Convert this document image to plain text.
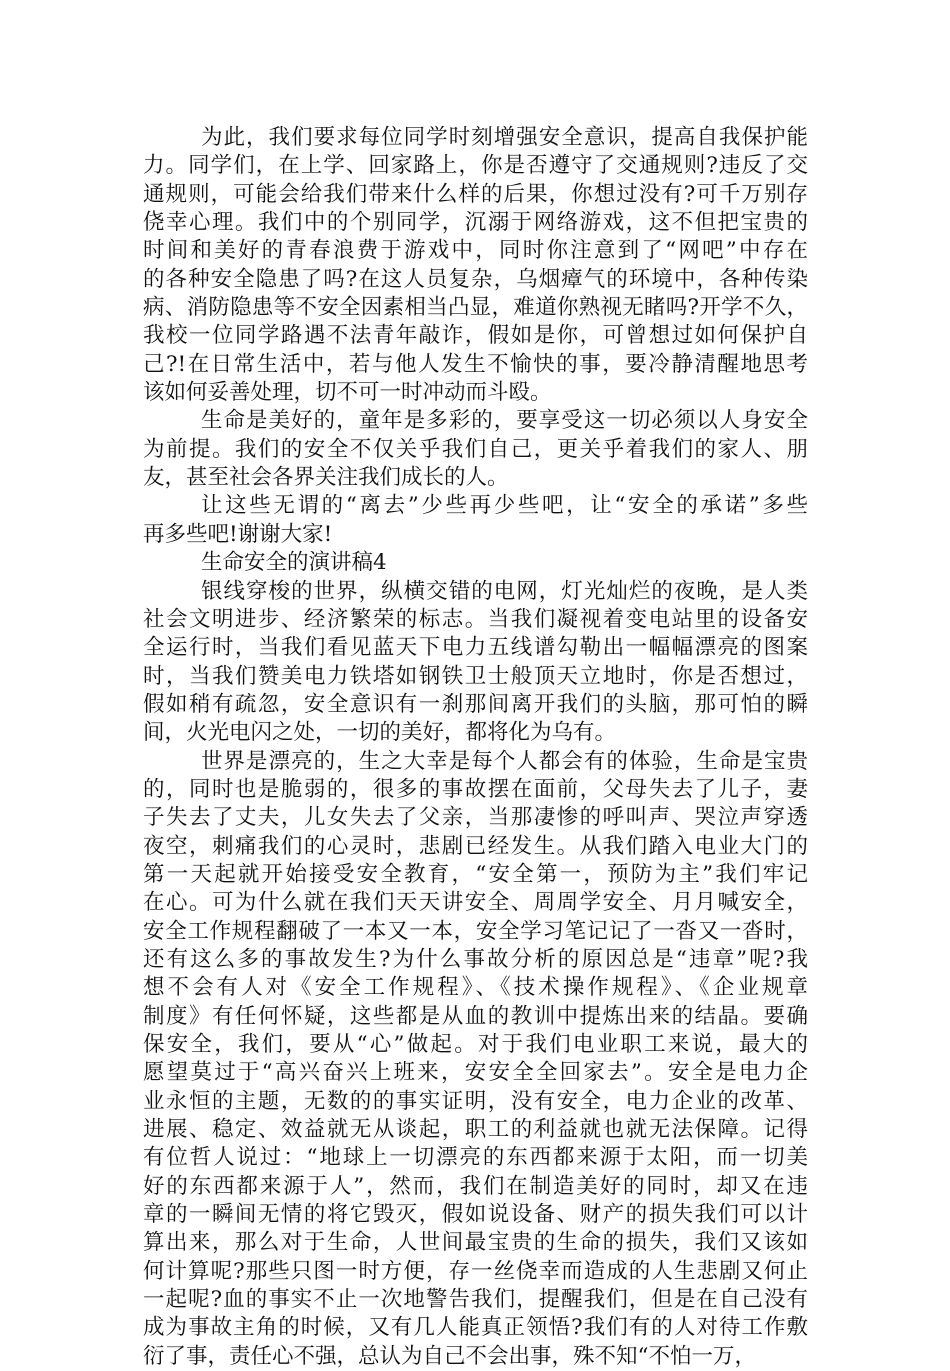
为此，我们要求每位同学时刻增强安全意识，提高自我保护能
力。同学们，在上学、回家路上，你是否遵守了交通规则?违反了交
通规则，可能会给我们带来什么样的后果，你想过没有?可千万别存
侥幸心理。我们中的个别同学，沉溺于网络游戏，这不但把宝贵的
时间和美好的青春浪费于游戏中，同时你注意到了“网吧”中存在
的各种安全隐患了吗?在这人员复杂，乌烟瘴气的环境中，各种传染
病、消防隐患等不安全因素相当凸显，难道你熟视无睹吗?开学不久，
我校一位同学路遇不法青年敲诈，假如是你，可曾想过如何保护自
己?!在日常生活中，若与他人发生不愉快的事，要冷静清醒地思考
该如何妥善处理，切不可一时冲动而斗殴。
生命是美好的，童年是多彩的，要享受这一切必须以人身安全
为前提。我们的安全不仅关乎我们自己，更关乎着我们的家人、朋
友，甚至社会各界关注我们成长的人。
让这些无谓的“离去”少些再少些吧，让“安全的承诺”多些
再多些吧!谢谢大家!
生命安全的演讲稿4
银线穿梭的世界，纵横交错的电网，灯光灿烂的夜晚，是人类
社会文明进步、经济繁荣的标志。当我们凝视着变电站里的设备安
全运行时，当我们看见蓝天下电力五线谱勾勒出一幅幅漂亮的图案
时，当我们赞美电力铁塔如钢铁卫士般顶天立地时，你是否想过，
假如稍有疏忽，安全意识有一刹那间离开我们的头脑，那可怕的瞬
间，火光电闪之处，一切的美好，都将化为乌有。
世界是漂亮的，生之大幸是每个人都会有的体验，生命是宝贵
的，同时也是脆弱的，很多的事故摆在面前，父母失去了儿子，妻
子失去了丈夫，儿女失去了父亲，当那凄惨的呼叫声、哭泣声穿透
夜空，刺痛我们的心灵时，悲剧已经发生。从我们踏入电业大门的
第一天起就开始接受安全教育，“安全第一，预防为主”我们牢记
在心。可为什么就在我们天天讲安全、周周学安全、月月喊安全，
安全工作规程翻破了一本又一本，安全学习笔记记了一沓又一沓时，
还有这么多的事故发生?为什么事故分析的原因总是“违章”呢?我
想不会有人对《安全工作规程》、《技术操作规程》、《企业规章
制度》有任何怀疑，这些都是从血的教训中提炼出来的结晶。要确
保安全，我们，要从“心”做起。对于我们电业职工来说，最大的
愿望莫过于“高兴奋兴上班来，安安全全回家去”。安全是电力企
业永恒的主题，无数的的事实证明，没有安全，电力企业的改革、
进展、稳定、效益就无从谈起，职工的利益就也就无法保障。记得
有位哲人说过：“地球上一切漂亮的东西都来源于太阳，而一切美
好的东西都来源于人”，然而，我们在制造美好的同时，却又在违
章的一瞬间无情的将它毁灭，假如说设备、财产的损失我们可以计
算出来，那么对于生命，人世间最宝贵的生命的损失，我们又该如
何计算呢?那些只图一时方便，存一丝侥幸而造成的人生悲剧又何止
一起呢?血的事实不止一次地警告我们，提醒我们，但是在自己没有
成为事故主角的时候，又有几人能真正领悟?我们有的人对待工作敷
衍了事，责任心不强，总认为自己不会出事，殊不知“不怕一万，
